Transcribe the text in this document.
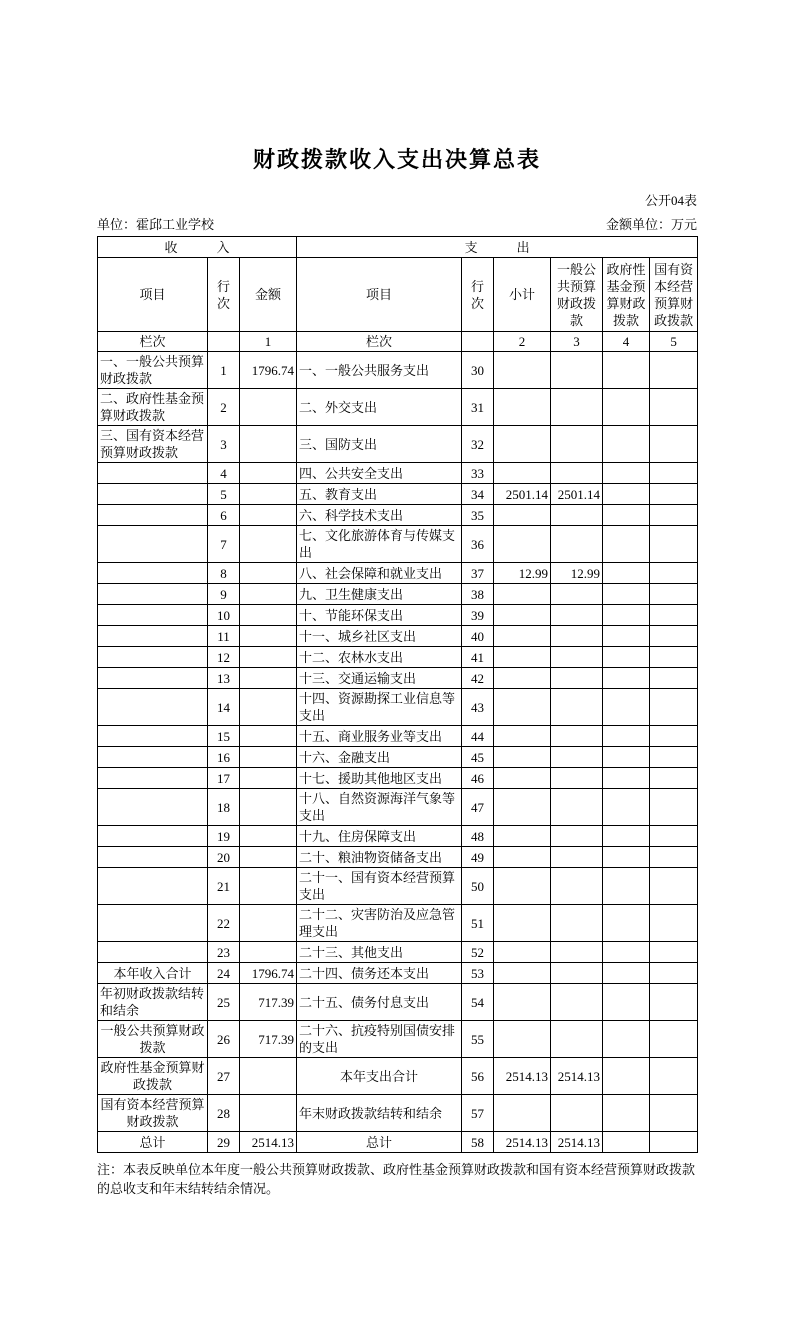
财政拨款收入支出决算总表
公开04表
单位：霍邱工业学校	金额单位：万元
收　　　入			支　　　出					
项目	行次	金额	项目	行次	小计	一般公共预算财政拨款	政府性基金预算财政拨款	国有资本经营预算财政拨款
栏次		1	栏次		2	3	4	5
一、一般公共预算财政拨款	1	1796.74	一、一般公共服务支出	30				
二、政府性基金预算财政拨款	2		二、外交支出	31				
三、国有资本经营预算财政拨款	3		三、国防支出	32				
	4		四、公共安全支出	33				
	5		五、教育支出	34	2501.14	2501.14		
	6		六、科学技术支出	35				
	7		七、文化旅游体育与传媒支出	36				
	8		八、社会保障和就业支出	37	12.99	12.99		
	9		九、卫生健康支出	38				
	10		十、节能环保支出	39				
	11		十一、城乡社区支出	40				
	12		十二、农林水支出	41				
	13		十三、交通运输支出	42				
	14		十四、资源勘探工业信息等支出	43				
	15		十五、商业服务业等支出	44				
	16		十六、金融支出	45				
	17		十七、援助其他地区支出	46				
	18		十八、自然资源海洋气象等支出	47				
	19		十九、住房保障支出	48				
	20		二十、粮油物资储备支出	49				
	21		二十一、国有资本经营预算支出	50				
	22		二十二、灾害防治及应急管理支出	51				
	23		二十三、其他支出	52				
本年收入合计	24	1796.74	二十四、债务还本支出	53				
年初财政拨款结转和结余	25	717.39	二十五、债务付息支出	54				
一般公共预算财政拨款	26	717.39	二十六、抗疫特别国债安排的支出	55				
政府性基金预算财政拨款	27		本年支出合计	56	2514.13	2514.13		
国有资本经营预算财政拨款	28		年末财政拨款结转和结余	57				
总计	29	2514.13	总计	58	2514.13	2514.13		
注：本表反映单位本年度一般公共预算财政拨款、政府性基金预算财政拨款和国有资本经营预算财政拨款的总收支和年末结转结余情况。
